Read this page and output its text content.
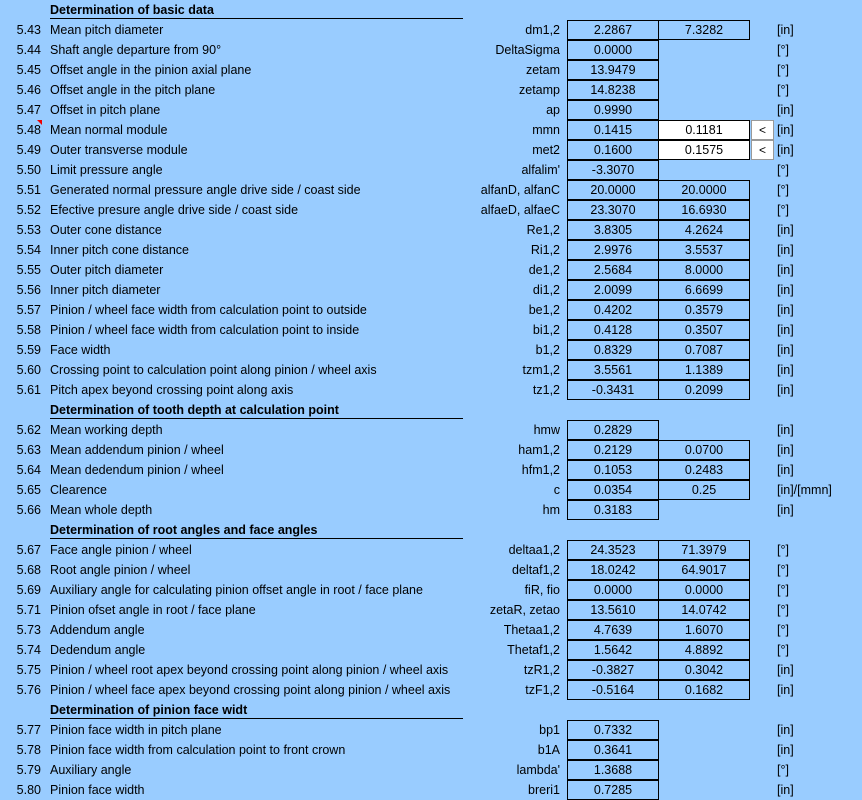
Determination of basic data
5.43 Mean pitch diameter	dm1,2	2.2867	7.3282	[in]
5.44 Shaft angle departure from 90°	DeltaSigma	0.0000	[°]
5.45 Offset angle in the pinion axial plane	zetam	13.9479	[°]
5.46 Offset angle in the pitch plane	zetamp	14.8238	[°]
5.47 Offset in pitch plane	ap	0.9990	[in]
5.48 Mean normal module	mmn	0.1415	0.1181	< [in]
5.49 Outer transverse module	met2	0.1600	0.1575	< [in]
5.50 Limit pressure angle	alfalim'	-3.3070	[°]
5.51 Generated normal pressure angle drive side / coast side	alfanD, alfanC	20.0000	20.0000	[°]
5.52 Efective presure angle drive side / coast side	alfaeD, alfaeC	23.3070	16.6930	[°]
5.53 Outer cone distance	Re1,2	3.8305	4.2624	[in]
5.54 Inner pitch cone distance	Ri1,2	2.9976	3.5537	[in]
5.55 Outer pitch diameter	de1,2	2.5684	8.0000	[in]
5.56 Inner pitch diameter	di1,2	2.0099	6.6699	[in]
5.57 Pinion / wheel face width from calculation point to outside	be1,2	0.4202	0.3579	[in]
5.58 Pinion / wheel face width from calculation point to inside	bi1,2	0.4128	0.3507	[in]
5.59 Face width	b1,2	0.8329	0.7087	[in]
5.60 Crossing point to calculation point along pinion / wheel axis	tzm1,2	3.5561	1.1389	[in]
5.61 Pitch apex beyond crossing point along axis	tz1,2	-0.3431	0.2099	[in]
Determination of tooth depth at calculation point
5.62 Mean working depth	hmw	0.2829	[in]
5.63 Mean addendum pinion / wheel	ham1,2	0.2129	0.0700	[in]
5.64 Mean dedendum pinion / wheel	hfm1,2	0.1053	0.2483	[in]
5.65 Clearence	c	0.0354	0.25	[in]/[mmn]
5.66 Mean whole depth	hm	0.3183	[in]
Determination of root angles and face angles
5.67 Face angle pinion / wheel	deltaa1,2	24.3523	71.3979	[°]
5.68 Root angle pinion / wheel	deltaf1,2	18.0242	64.9017	[°]
5.69 Auxiliary angle for calculating pinion offset angle in root / face plane	fiR, fio	0.0000	0.0000	[°]
5.71 Pinion ofset angle in root / face plane	zetaR, zetao	13.5610	14.0742	[°]
5.73 Addendum angle	Thetaa1,2	4.7639	1.6070	[°]
5.74 Dedendum angle	Thetaf1,2	1.5642	4.8892	[°]
5.75 Pinion / wheel root apex beyond crossing point along pinion / wheel axis	tzR1,2	-0.3827	0.3042	[in]
5.76 Pinion / wheel face apex beyond crossing point along pinion / wheel axis	tzF1,2	-0.5164	0.1682	[in]
Determination of pinion face widt
5.77 Pinion face width in pitch plane	bp1	0.7332	[in]
5.78 Pinion face width from calculation point to front crown	b1A	0.3641	[in]
5.79 Auxiliary angle	lambda'	1.3688	[°]
5.80 Pinion face width	breri1	0.7285	[in]
